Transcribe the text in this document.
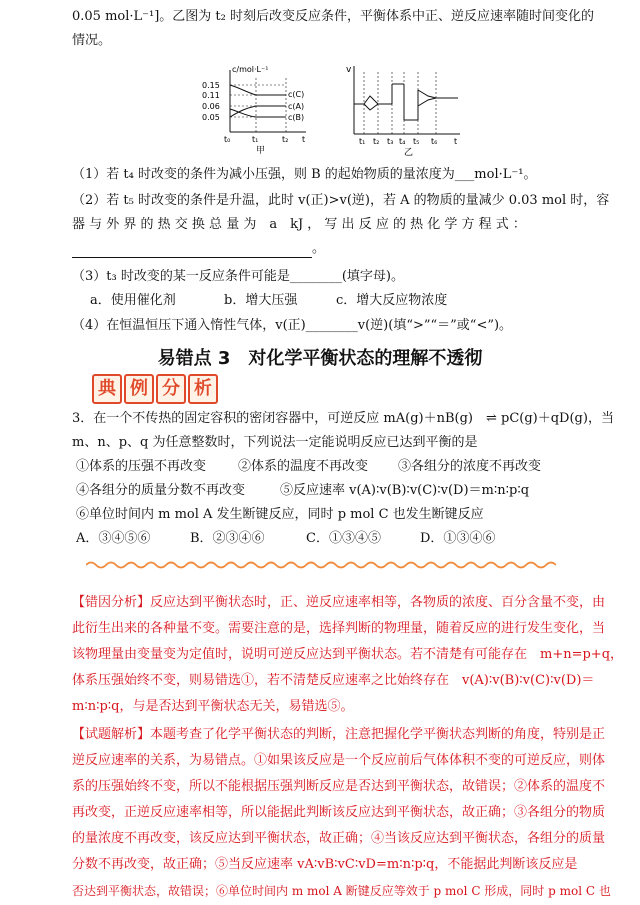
0.05 mol·L⁻¹]。乙图为 t₂ 时刻后改变反应条件，平衡体系中正、逆反应速率随时间变化的
情况。
c/mol·L⁻¹
0.15
0.11
0.06
0.05
c(C)
c(A)
c(B)
t₀	t₁	t₂ t
甲
v
t₁ t₂ t₃ t₄ t₅ t₆ t
乙
（1）若 t₄ 时改变的条件为减小压强，则 B 的起始物质的量浓度为___mol·L⁻¹。
（2）若 t₅ 时改变的条件是升温，此时 v(正)>v(逆)，若 A 的物质的量减少 0.03 mol 时，容
器 与 外 界 的 热 交 换 总 量 为　a　kJ ， 写 出 反 应 的 热 化 学 方 程 式 ：
。
（3）t₃ 时改变的某一反应条件可能是________(填字母)。
a．使用催化剂	b．增大压强	c．增大反应物浓度
（4）在恒温恒压下通入惰性气体，v(正)________v(逆)(填“>”“＝”或“<”)。
易错点 3　对化学平衡状态的理解不透彻
典 例 分 析
3．在一个不传热的固定容积的密闭容器中，可逆反应 mA(g)＋nB(g)　⇌ pC(g)＋qD(g)，当
m、n、p、q 为任意整数时，下列说法一定能说明反应已达到平衡的是
①体系的压强不再改变 ②体系的温度不再改变 ③各组分的浓度不再改变
④各组分的质量分数不再改变	⑤反应速率 v(A)∶v(B)∶v(C)∶v(D)＝m∶n∶p∶q
⑥单位时间内 m mol A 发生断键反应，同时 p mol C 也发生断键反应
A．③④⑤⑥	B．②③④⑥	C．①③④⑤	D．①③④⑥
【错因分析】反应达到平衡状态时，正、逆反应速率相等，各物质的浓度、百分含量不变，由
此衍生出来的各种量不变。需要注意的是，选择判断的物理量，随着反应的进行发生变化，当
该物理量由变量变为定值时，说明可逆反应达到平衡状态。若不清楚有可能存在　m+n=p+q，
体系压强始终不变，则易错选①，若不清楚反应速率之比始终存在　v(A)∶v(B)∶v(C)∶v(D)＝
m∶n∶p∶q，与是否达到平衡状态无关，易错选⑤。
【试题解析】本题考查了化学平衡状态的判断，注意把握化学平衡状态判断的角度，特别是正
逆反应速率的关系，为易错点。①如果该反应是一个反应前后气体体积不变的可逆反应，则体
系的压强始终不变，所以不能根据压强判断反应是否达到平衡状态，故错误；②体系的温度不
再改变，正逆反应速率相等，所以能据此判断该反应达到平衡状态，故正确；③各组分的物质
的量浓度不再改变，该反应达到平衡状态，故正确；④当该反应达到平衡状态，各组分的质量
分数不再改变，故正确；⑤当反应速率 vA∶vB∶vC∶vD=m∶n∶p∶q，不能据此判断该反应是
否达到平衡状态，故错误；⑥单位时间内 m mol A 断键反应等效于 p mol C 形成，同时 p mol C 也
